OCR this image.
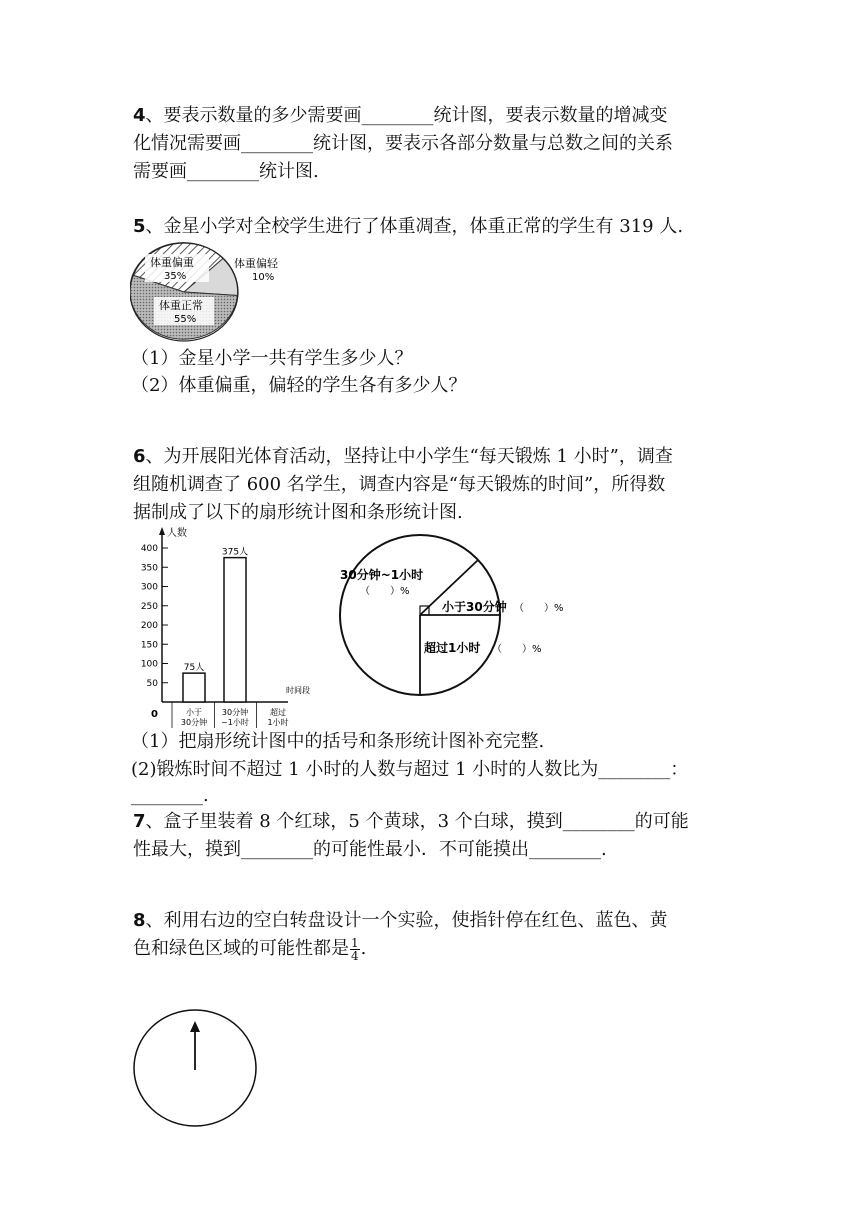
4、要表示数量的多少需要画________统计图，要表示数量的增减变
化情况需要画________统计图，要表示各部分数量与总数之间的关系
需要画________统计图.
5、金星小学对全校学生进行了体重凋查，体重正常的学生有 319 人.
体重偏重
35%
体重正常
55%
体重偏轻
10%
（1）金星小学一共有学生多少人？
（2）体重偏重，偏轻的学生各有多少人？
6、为开展阳光体育活动，坚持让中小学生“每天锻炼 1 小时”，调查
组随机调查了 600 名学生，调查内容是“每天锻炼的时间”，所得数
据制成了以下的扇形统计图和条形统计图.
人数
时间段
0
50
100
150
200
250
300
350
400
75人
小于
30分钟
375人
30分钟
~1小时
超过
1小时
30分钟~1小时
（　　）%
小于30分钟 （　　）%
超过1小时 （　　）%
（1）把扇形统计图中的括号和条形统计图补充完整.
(2)锻炼时间不超过 1 小时的人数与超过 1 小时的人数比为________：
________.
7、盒子里装着 8 个红球，5 个黄球，3 个白球，摸到________的可能
性最大，摸到________的可能性最小．不可能摸出________.
8、利用右边的空白转盘设计一个实验，使指针停在红色、蓝色、黄
色和绿色区域的可能性都是 $\frac{1}{4}$ .
